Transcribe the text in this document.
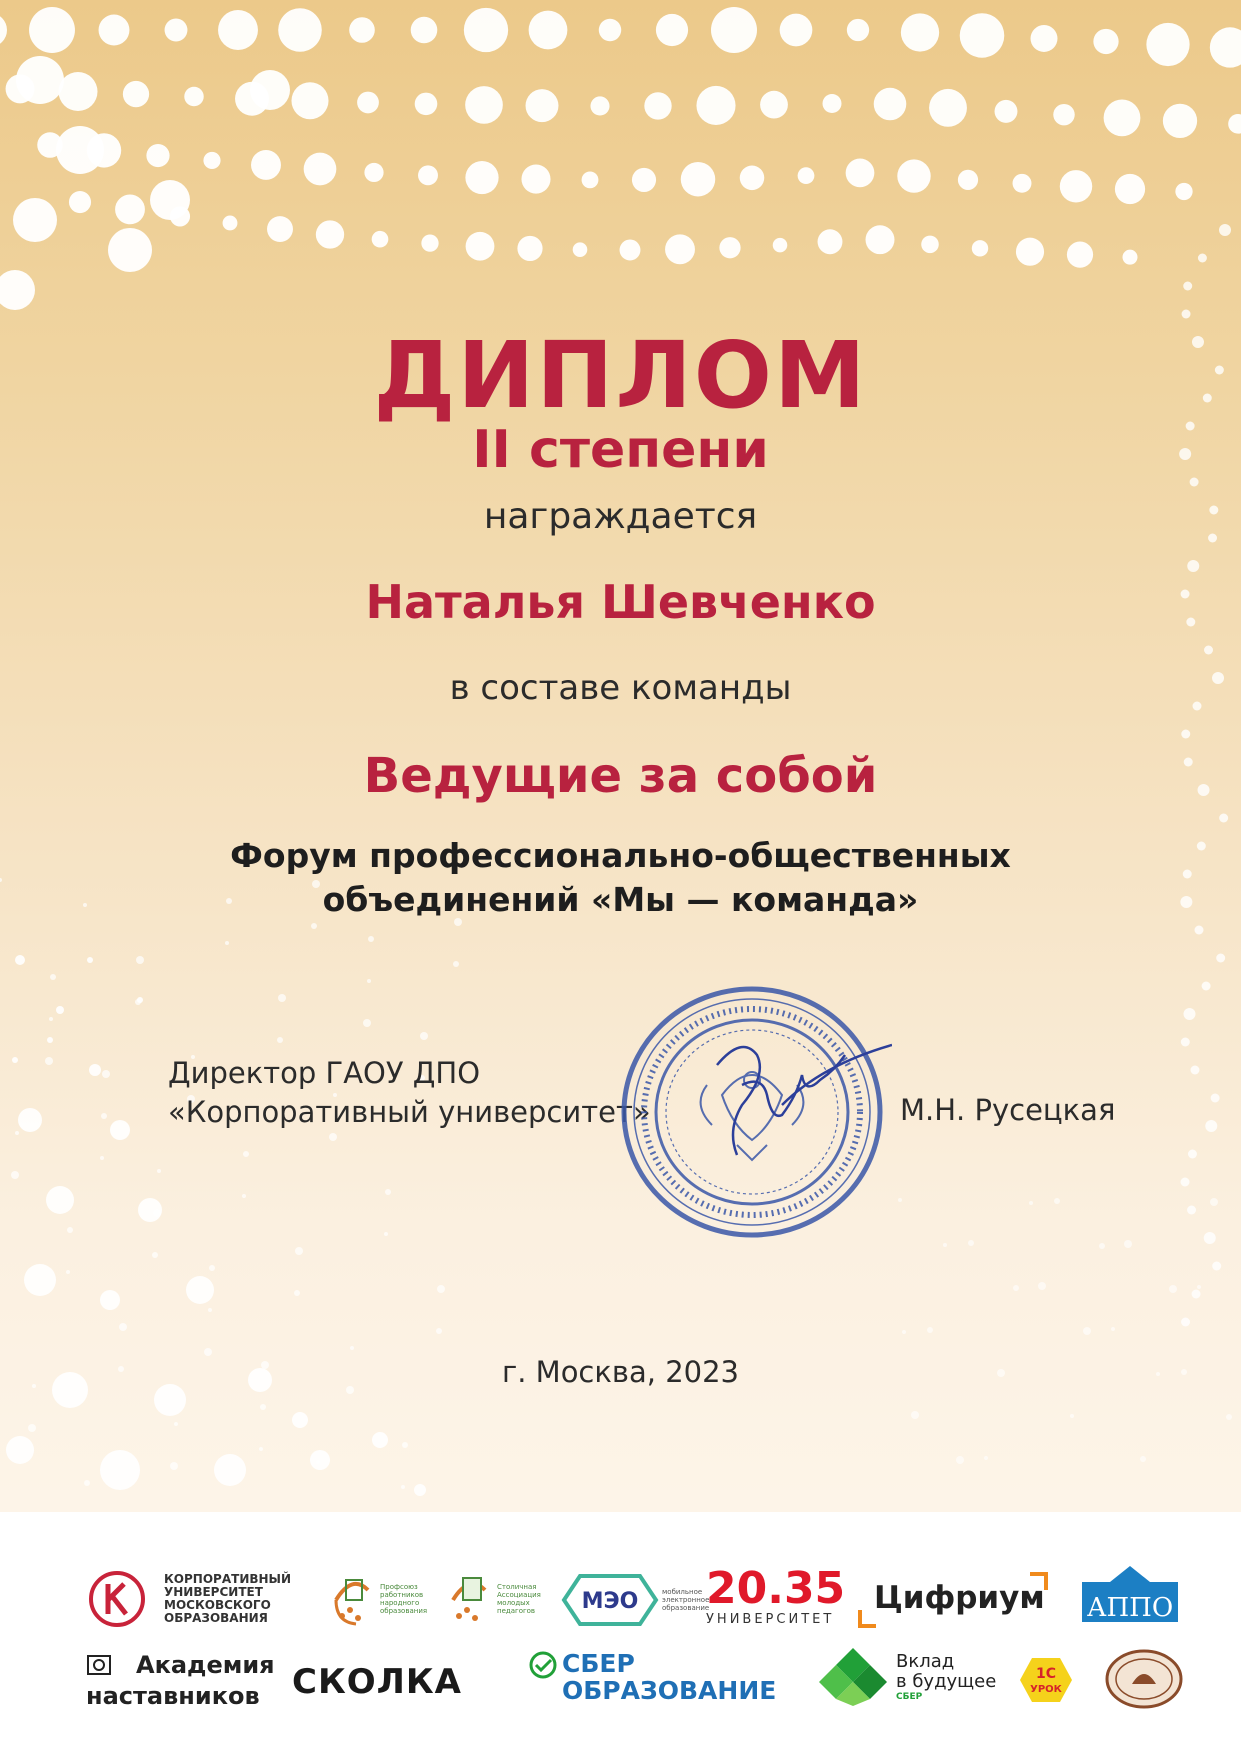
ДИПЛОМ
II степени
награждается
Наталья Шевченко
в составе команды
Ведущие за собой
Форум профессионально-общественных
объединений «Мы — команда»
Директор ГАОУ ДПО
«Корпоративный университет»	М.Н. Русецкая
г. Москва, 2023
КОРПОРАТИВНЫЙ
УНИВЕРСИТЕТ
МОСКОВСКОГО
ОБРАЗОВАНИЯ
Профсоюз
работников
народного
образования
Столичная
Ассоциация
молодых
педагогов МЭО	мобильное
электронное
образование
20.35
УНИВЕРСИТЕТ
Цифриум АППО
Академия
наставников СКОЛКА	СБЕР
ОБРАЗОВАНИЕ
Вклад
в будущее
СБЕР
1С
УРОК
